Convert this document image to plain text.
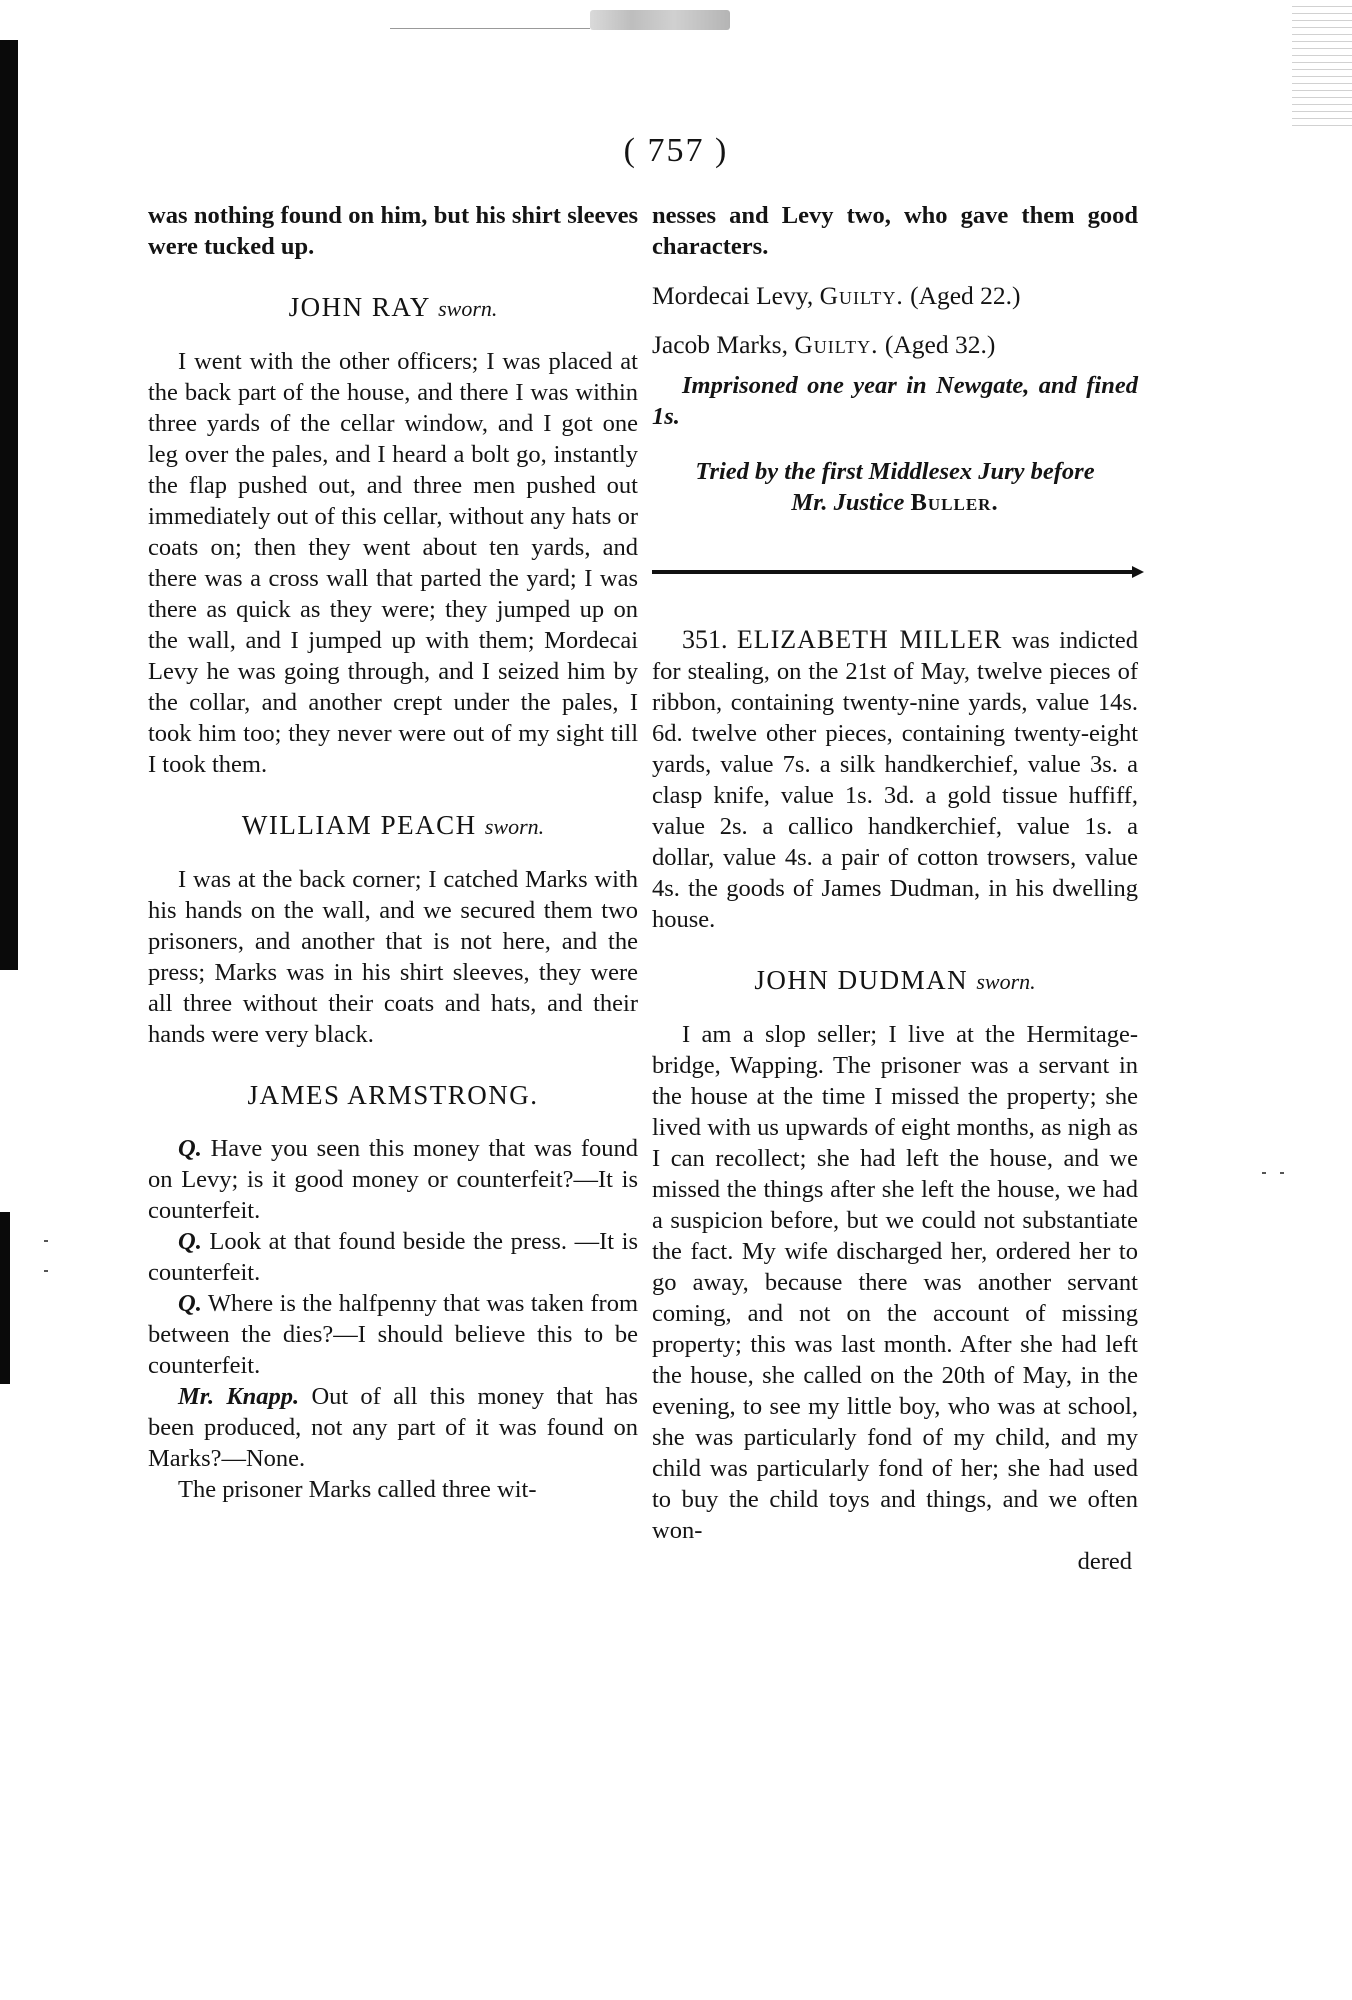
( 757 )

was nothing found on him, but his shirt sleeves were tucked up.

JOHN RAY sworn.

I went with the other officers; I was placed at the back part of the house, and there I was within three yards of the cellar window, and I got one leg over the pales, and I heard a bolt go, instantly the flap pushed out, and three men pushed out immediately out of this cellar, without any hats or coats on; then they went about ten yards, and there was a cross wall that parted the yard; I was there as quick as they were; they jumped up on the wall, and I jumped up with them; Mordecai Levy he was going through, and I seized him by the collar, and another crept under the pales, I took him too; they never were out of my sight till I took them.

WILLIAM PEACH sworn.

I was at the back corner; I catched Marks with his hands on the wall, and we secured them two prisoners, and another that is not here, and the press; Marks was in his shirt sleeves, they were all three without their coats and hats, and their hands were very black.

JAMES ARMSTRONG.

Q. Have you seen this money that was found on Levy; is it good money or counterfeit?—It is counterfeit.

Q. Look at that found beside the press. —It is counterfeit.

Q. Where is the halfpenny that was taken from between the dies?—I should believe this to be counterfeit.

Mr. Knapp. Out of all this money that has been produced, not any part of it was found on Marks?—None.

The prisoner Marks called three wit-

nesses and Levy two, who gave them good characters.

Mordecai Levy, Guilty. (Aged 22.)
Jacob Marks, Guilty. (Aged 32.)

Imprisoned one year in Newgate, and fined 1s.

Tried by the first Middlesex Jury before

Mr. Justice Buller.

351. ELIZABETH MILLER was indicted for stealing, on the 21st of May, twelve pieces of ribbon, containing twenty-nine yards, value 14s. 6d. twelve other pieces, containing twenty-eight yards, value 7s. a silk handkerchief, value 3s. a clasp knife, value 1s. 3d. a gold tissue huffiff, value 2s. a callico handkerchief, value 1s. a dollar, value 4s. a pair of cotton trowsers, value 4s. the goods of James Dudman, in his dwelling house.

JOHN DUDMAN sworn.

I am a slop seller; I live at the Hermitage-bridge, Wapping. The prisoner was a servant in the house at the time I missed the property; she lived with us upwards of eight months, as nigh as I can recollect; she had left the house, and we missed the things after she left the house, we had a suspicion before, but we could not substantiate the fact. My wife discharged her, ordered her to go away, because there was another servant coming, and not on the account of missing property; this was last month. After she had left the house, she called on the 20th of May, in the evening, to see my little boy, who was at school, she was particularly fond of my child, and my child was particularly fond of her; she had used to buy the child toys and things, and we often won-

dered
